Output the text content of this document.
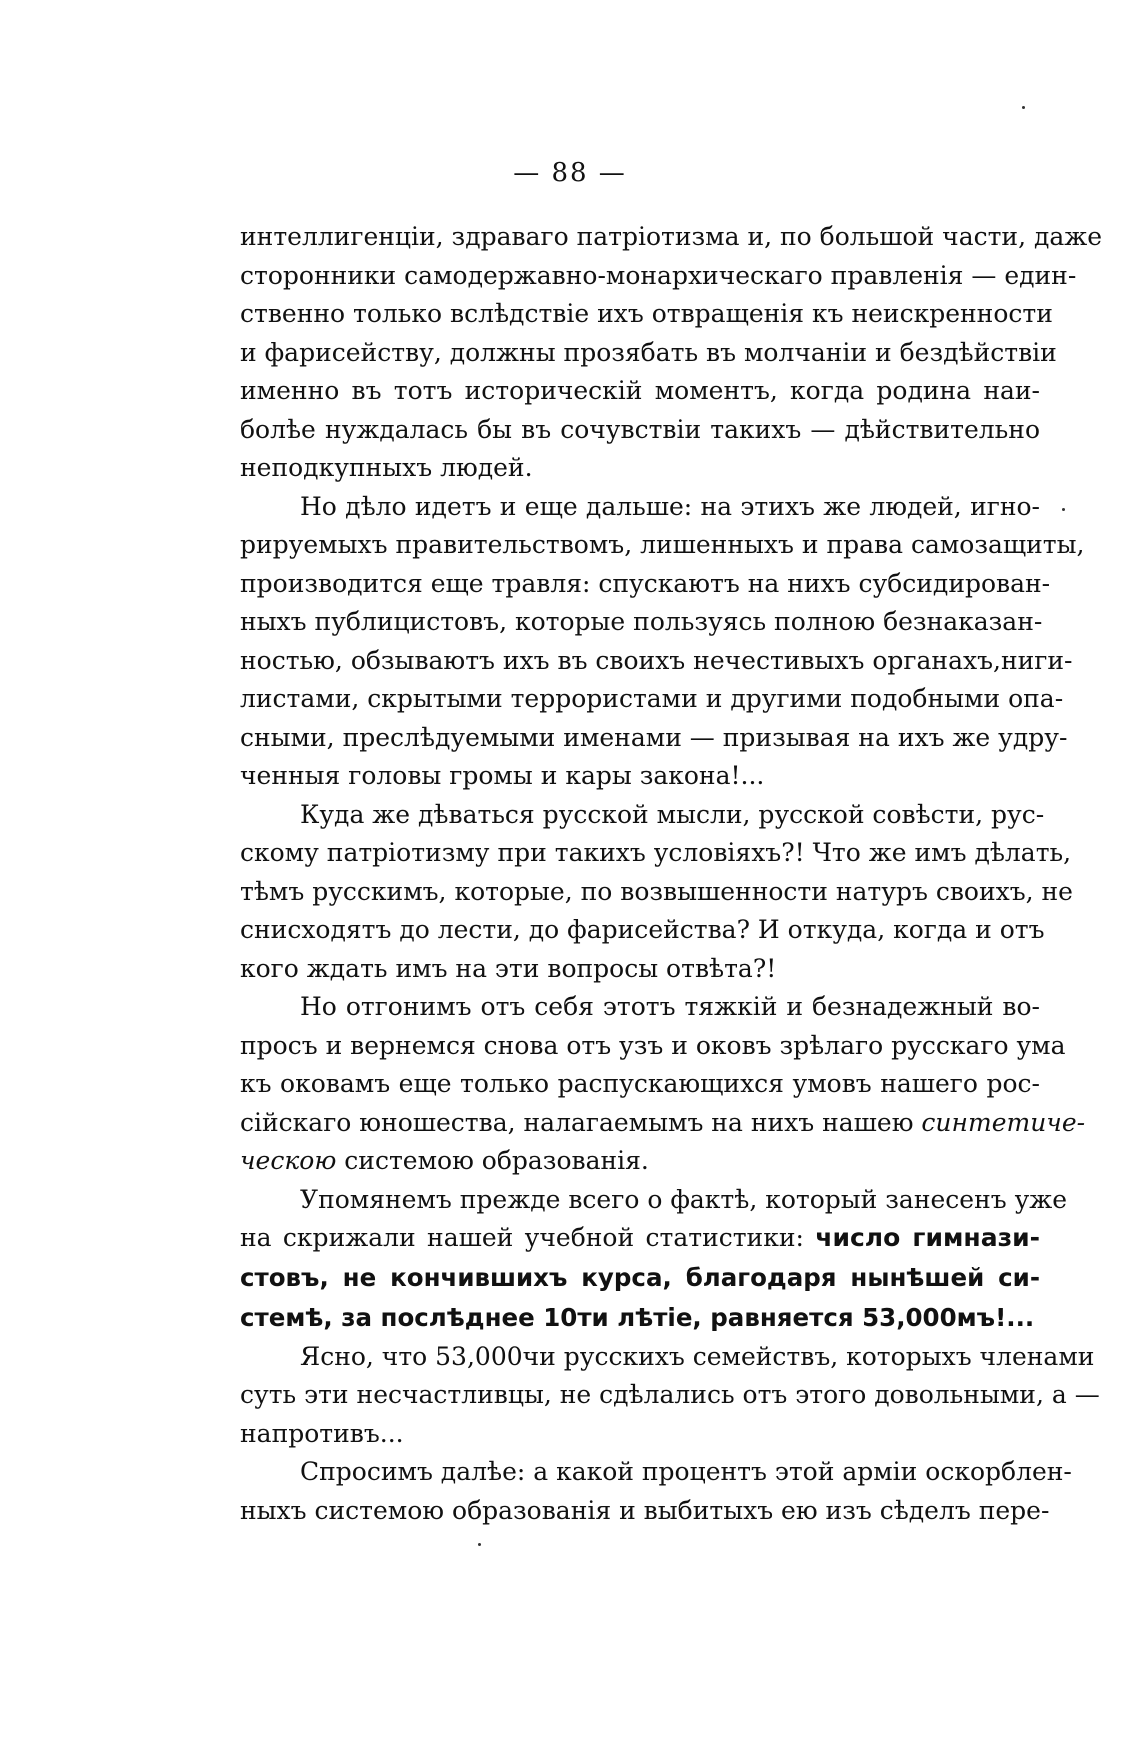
— 88 —
интеллигенціи, здраваго патріотизма и, по большой части, даже
сторонники самодержавно-монархическаго правленія — един-
ственно только вслѣдствіе ихъ отвращенія къ неискренности
и фарисейству, должны прозябать въ молчаніи и бездѣйствіи
именно въ тотъ историческій моментъ, когда родина наи-
болѣе нуждалась бы въ сочувствіи такихъ — дѣйствительно
неподкупныхъ людей.
Но дѣло идетъ и еще дальше: на этихъ же людей, игно-
рируемыхъ правительствомъ, лишенныхъ и права самозащиты,
производится еще травля: спускаютъ на нихъ субсидирован-
ныхъ публицистовъ, которые пользуясь полною безнаказан-
ностью, обзываютъ ихъ въ своихъ нечестивыхъ органахъ,ниги-
листами, скрытыми террористами и другими подобными опа-
сными, преслѣдуемыми именами — призывая на ихъ же удру-
ченныя головы громы и кары закона!...
Куда же дѣваться русской мысли, русской совѣсти, рус-
скому патріотизму при такихъ условіяхъ?! Что же имъ дѣлать,
тѣмъ русскимъ, которые, по возвышенности натуръ своихъ, не
снисходятъ до лести, до фарисейства? И откуда, когда и отъ
кого ждать имъ на эти вопросы отвѣта?!
Но отгонимъ отъ себя этотъ тяжкій и безнадежный во-
просъ и вернемся снова отъ узъ и оковъ зрѣлаго русскаго ума
къ оковамъ еще только распускающихся умовъ нашего рос-
сійскаго юношества, налагаемымъ на нихъ нашею синтетиче-
ческою системою образованія.
Упомянемъ прежде всего о фактѣ, который занесенъ уже
на скрижали нашей учебной статистики: число гимнази-
стовъ, не кончившихъ курса, благодаря нынѣшей си-
стемѣ, за послѣднее 10ти лѣтіе, равняется 53,000мъ!...
Ясно, что 53,000чи русскихъ семействъ, которыхъ членами
суть эти несчастливцы, не сдѣлались отъ этого довольными, а —
напротивъ...
Спросимъ далѣе: а какой процентъ этой арміи оскорблен-
ныхъ системою образованія и выбитыхъ ею изъ сѣделъ пере-
